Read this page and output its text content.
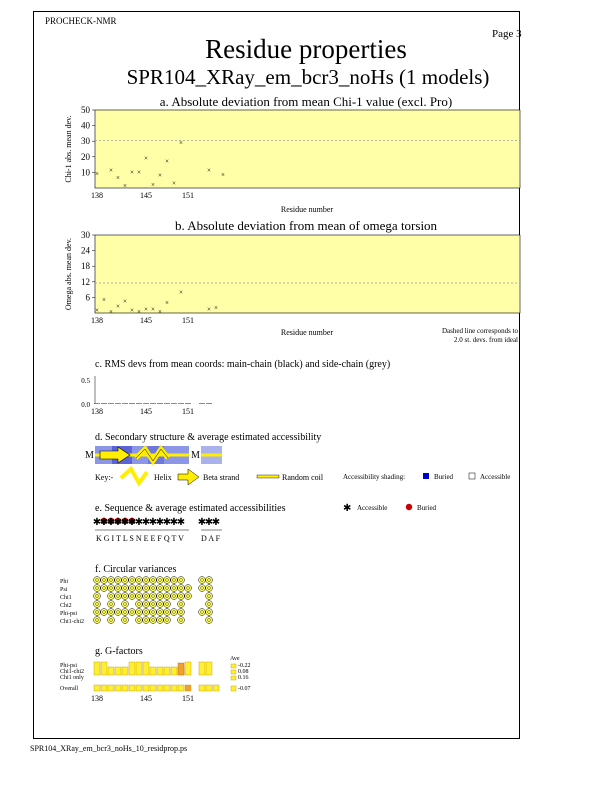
PROCHECK-NMR
Page 3
Residue properties
SPR104_XRay_em_bcr3_noHs (1 models)
a. Absolute deviation from mean Chi-1 value (excl. Pro)
Chi-1 abs. mean dev.
Residue number
10
20
30
40
50
138	145	151
× ×
×
×
× ×
×
×
×
×
×
×
×
×
b. Absolute deviation from mean of omega torsion
Omega abs. mean dev.
Residue number	Dashed line corresponds to
2.0 st. devs. from ideal
6
12
18
24
30
138	145	151
×
×
×
×
×
× × × × ×
×
×
× ×
c. RMS devs from mean coords: main-chain (black) and side-chain (grey)
0.0
0.5
138	145	151
d. Secondary structure & average estimated accessibility
M	M
Key:-	Helix	Beta strand	Random coil	Accessibility shading:	Buried	Accessible
e. Sequence & average estimated accessibilities	✱ Accessible	Buried
✱
✱
✱
✱
✱
✱
✱
✱
✱
✱
✱
✱
✱ ✱
✱
✱
K G I T L S N E E F Q T V D A F
f. Circular variances
Phi
Psi
Chi1
Chi2
Phi-psi
Chi1-chi2
g. G-factors
Ave
Phi-psi
Chi1-chi2
Chi1 only
Overall
-0.22
0.08
0.16
-0.07
138	145	151
SPR104_XRay_em_bcr3_noHs_10_residprop.ps
